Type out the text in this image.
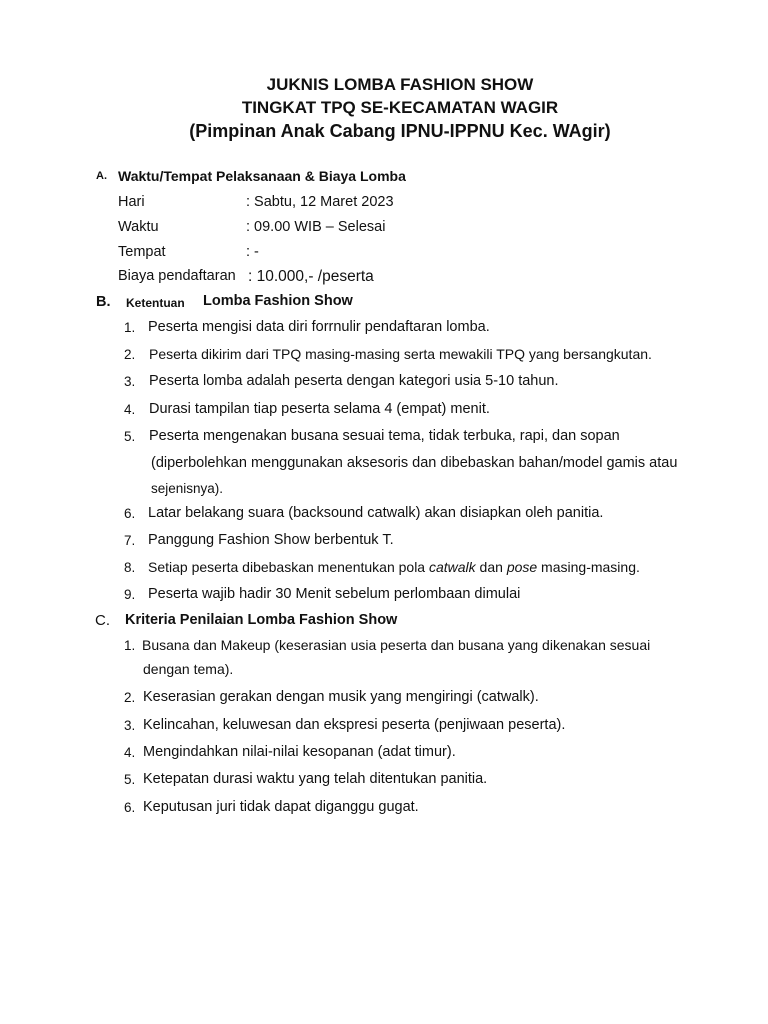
JUKNIS LOMBA FASHION SHOW
TINGKAT TPQ SE-KECAMATAN WAGIR
(Pimpinan Anak Cabang IPNU-IPPNU Kec. WAgir)
A. Waktu/Tempat Pelaksanaan & Biaya Lomba
Hari	: Sabtu, 12 Maret 2023
Waktu	: 09.00 WIB – Selesai
Tempat	: -
Biaya pendaftaran : 10.000,- /peserta
B. Ketentuan Lomba Fashion Show
1. Peserta mengisi data diri forrnulir pendaftaran lomba.
2. Peserta dikirim dari TPQ masing-masing serta mewakili TPQ yang bersangkutan.
3. Peserta lomba adalah peserta dengan kategori usia 5-10 tahun.
4. Durasi tampilan tiap peserta selama 4 (empat) menit.
5. Peserta mengenakan busana sesuai tema, tidak terbuka, rapi, dan sopan
(diperbolehkan menggunakan aksesoris dan dibebaskan bahan/model gamis atau
sejenisnya).
6. Latar belakang suara (backsound catwalk) akan disiapkan oleh panitia.
7. Panggung Fashion Show berbentuk T.
8. Setiap peserta dibebaskan menentukan pola catwalk dan pose masing-masing.
9. Peserta wajib hadir 30 Menit sebelum perlombaan dimulai
C. Kriteria Penilaian Lomba Fashion Show
1. Busana dan Makeup (keserasian usia peserta dan busana yang dikenakan sesuai
dengan tema).
2. Keserasian gerakan dengan musik yang mengiringi (catwalk).
3. Kelincahan, keluwesan dan ekspresi peserta (penjiwaan peserta).
4. Mengindahkan nilai-nilai kesopanan (adat timur).
5. Ketepatan durasi waktu yang telah ditentukan panitia.
6. Keputusan juri tidak dapat diganggu gugat.
